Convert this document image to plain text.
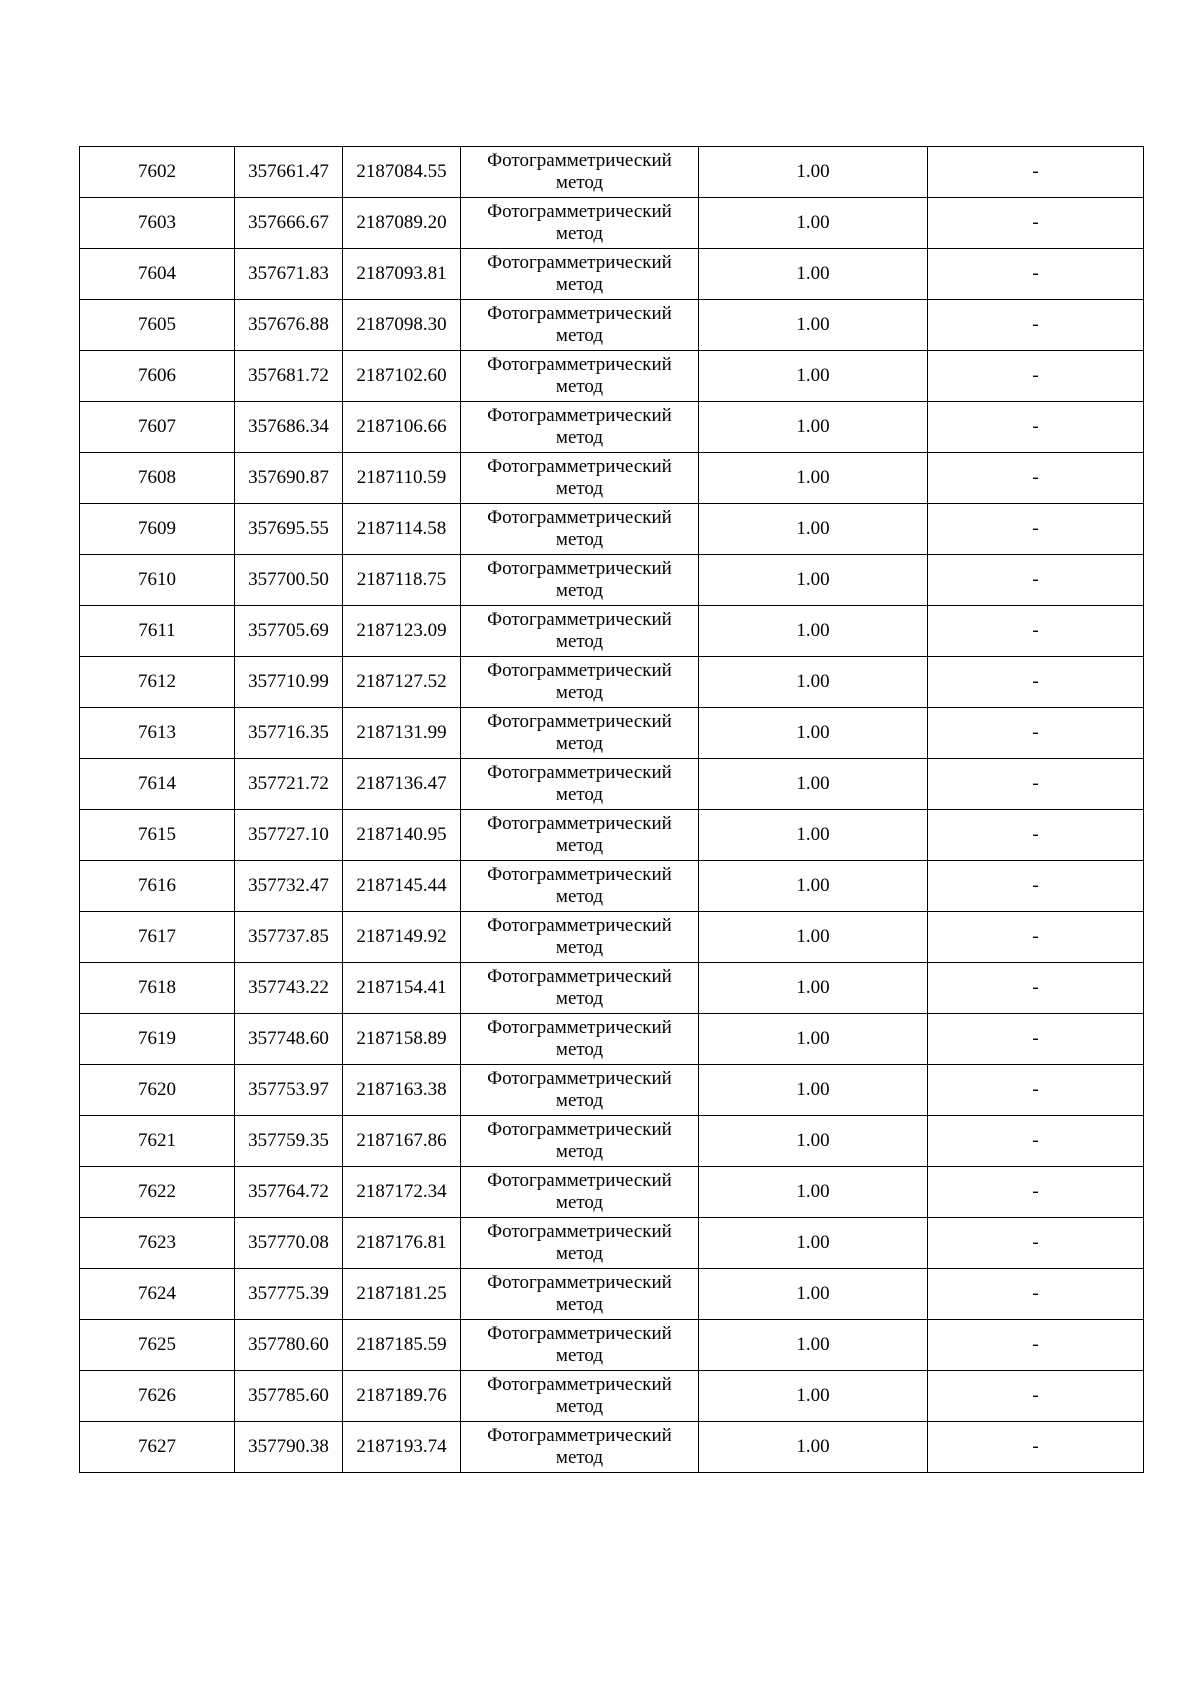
7602	357661.47	2187084.55	Фотограмметрический метод	1.00	-
7603	357666.67	2187089.20	Фотограмметрический метод	1.00	-
7604	357671.83	2187093.81	Фотограмметрический метод	1.00	-
7605	357676.88	2187098.30	Фотограмметрический метод	1.00	-
7606	357681.72	2187102.60	Фотограмметрический метод	1.00	-
7607	357686.34	2187106.66	Фотограмметрический метод	1.00	-
7608	357690.87	2187110.59	Фотограмметрический метод	1.00	-
7609	357695.55	2187114.58	Фотограмметрический метод	1.00	-
7610	357700.50	2187118.75	Фотограмметрический метод	1.00	-
7611	357705.69	2187123.09	Фотограмметрический метод	1.00	-
7612	357710.99	2187127.52	Фотограмметрический метод	1.00	-
7613	357716.35	2187131.99	Фотограмметрический метод	1.00	-
7614	357721.72	2187136.47	Фотограмметрический метод	1.00	-
7615	357727.10	2187140.95	Фотограмметрический метод	1.00	-
7616	357732.47	2187145.44	Фотограмметрический метод	1.00	-
7617	357737.85	2187149.92	Фотограмметрический метод	1.00	-
7618	357743.22	2187154.41	Фотограмметрический метод	1.00	-
7619	357748.60	2187158.89	Фотограмметрический метод	1.00	-
7620	357753.97	2187163.38	Фотограмметрический метод	1.00	-
7621	357759.35	2187167.86	Фотограмметрический метод	1.00	-
7622	357764.72	2187172.34	Фотограмметрический метод	1.00	-
7623	357770.08	2187176.81	Фотограмметрический метод	1.00	-
7624	357775.39	2187181.25	Фотограмметрический метод	1.00	-
7625	357780.60	2187185.59	Фотограмметрический метод	1.00	-
7626	357785.60	2187189.76	Фотограмметрический метод	1.00	-
7627	357790.38	2187193.74	Фотограмметрический метод	1.00	-
